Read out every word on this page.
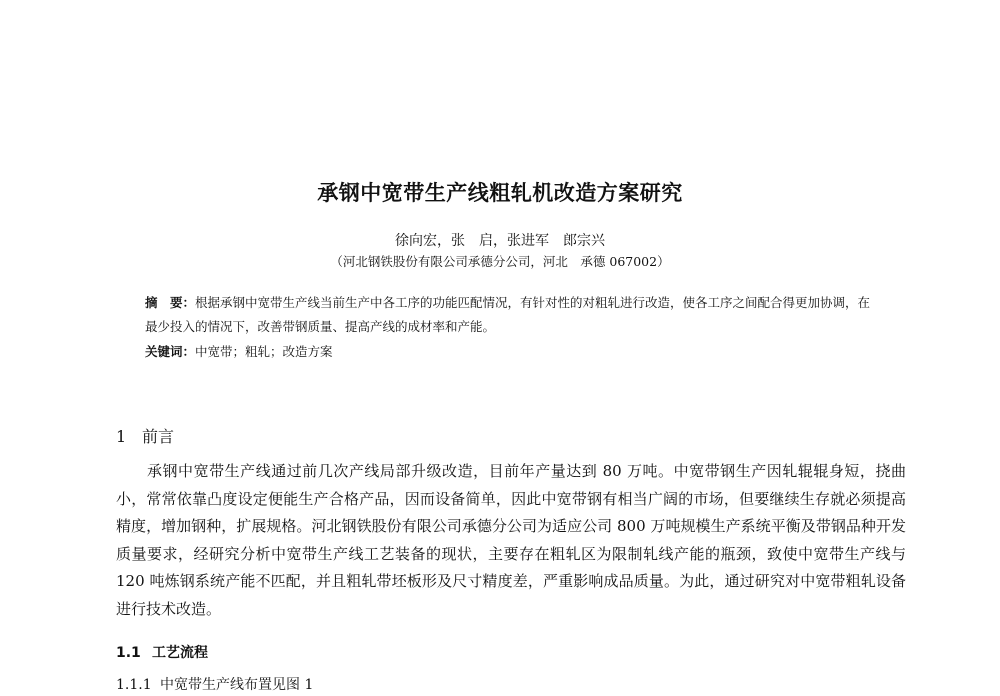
承钢中宽带生产线粗轧机改造方案研究
徐向宏，张　启，张进军　郎宗兴
（河北钢铁股份有限公司承德分公司，河北　承德 067002）

摘　要：根据承钢中宽带生产线当前生产中各工序的功能匹配情况，有针对性的对粗轧进行改造，使各工序之间配合得更加协调，在最少投入的情况下，改善带钢质量、提高产线的成材率和产能。

关键词：中宽带；粗轧；改造方案

1 前言

承钢中宽带生产线通过前几次产线局部升级改造，目前年产量达到 80 万吨。中宽带钢生产因轧辊辊身短，挠曲小，常常依靠凸度设定便能生产合格产品，因而设备简单，因此中宽带钢有相当广阔的市场，但要继续生存就必须提高精度，增加钢种，扩展规格。河北钢铁股份有限公司承德分公司为适应公司 800 万吨规模生产系统平衡及带钢品种开发质量要求，经研究分析中宽带生产线工艺装备的现状，主要存在粗轧区为限制轧线产能的瓶颈，致使中宽带生产线与 120 吨炼钢系统产能不匹配，并且粗轧带坯板形及尺寸精度差，严重影响成品质量。为此，通过研究对中宽带粗轧设备进行技术改造。

1.1 工艺流程

1.1.1 中宽带生产线布置见图 1
